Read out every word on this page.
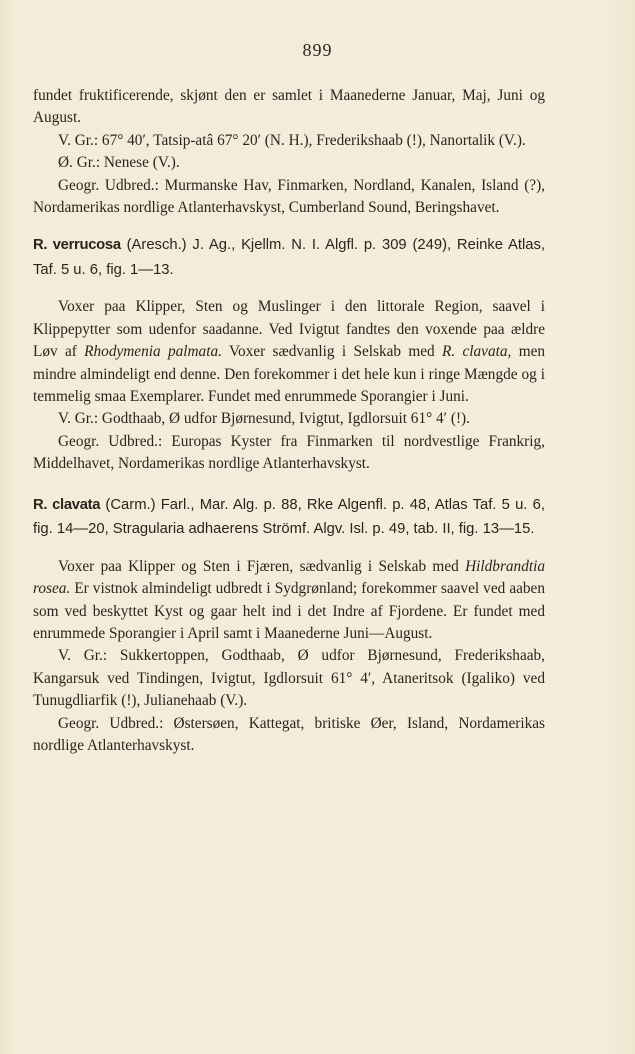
899

fundet fruktificerende, skjønt den er samlet i Maanederne Januar, Maj, Juni og August.

V. Gr.: 67° 40′, Tatsip-atâ 67° 20′ (N. H.), Frederikshaab (!), Nanortalik (V.).

Ø. Gr.: Nenese (V.).

Geogr. Udbred.: Murmanske Hav, Finmarken, Nordland, Kanalen, Island (?), Nordamerikas nordlige Atlanterhavskyst, Cumberland Sound, Beringshavet.

R. verrucosa (Aresch.) J. Ag., Kjellm. N. I. Algfl. p. 309 (249), Reinke Atlas, Taf. 5 u. 6, fig. 1—13.

Voxer paa Klipper, Sten og Muslinger i den littorale Region, saavel i Klippepytter som udenfor saadanne. Ved Ivigtut fandtes den voxende paa ældre Løv af Rhodymenia palmata. Voxer sædvanlig i Selskab med R. clavata, men mindre almindeligt end denne. Den forekommer i det hele kun i ringe Mængde og i temmelig smaa Exemplarer. Fundet med enrummede Sporangier i Juni.

V. Gr.: Godthaab, Ø udfor Bjørnesund, Ivigtut, Igdlorsuit 61° 4′ (!).

Geogr. Udbred.: Europas Kyster fra Finmarken til nordvestlige Frankrig, Middelhavet, Nordamerikas nordlige Atlanterhavskyst.

R. clavata (Carm.) Farl., Mar. Alg. p. 88, Rke Algenfl. p. 48, Atlas Taf. 5 u. 6, fig. 14—20, Stragularia adhaerens Strömf. Algv. Isl. p. 49, tab. II, fig. 13—15.

Voxer paa Klipper og Sten i Fjæren, sædvanlig i Selskab med Hildbrandtia rosea. Er vistnok almindeligt udbredt i Sydgrønland; forekommer saavel ved aaben som ved beskyttet Kyst og gaar helt ind i det Indre af Fjordene. Er fundet med enrummede Sporangier i April samt i Maanederne Juni—August.

V. Gr.: Sukkertoppen, Godthaab, Ø udfor Bjørnesund, Frederikshaab, Kangarsuk ved Tindingen, Ivigtut, Igdlorsuit 61° 4′, Ataneritsok (Igaliko) ved Tunugdliarfik (!), Julianehaab (V.).

Geogr. Udbred.: Østersøen, Kattegat, britiske Øer, Island, Nordamerikas nordlige Atlanterhavskyst.
